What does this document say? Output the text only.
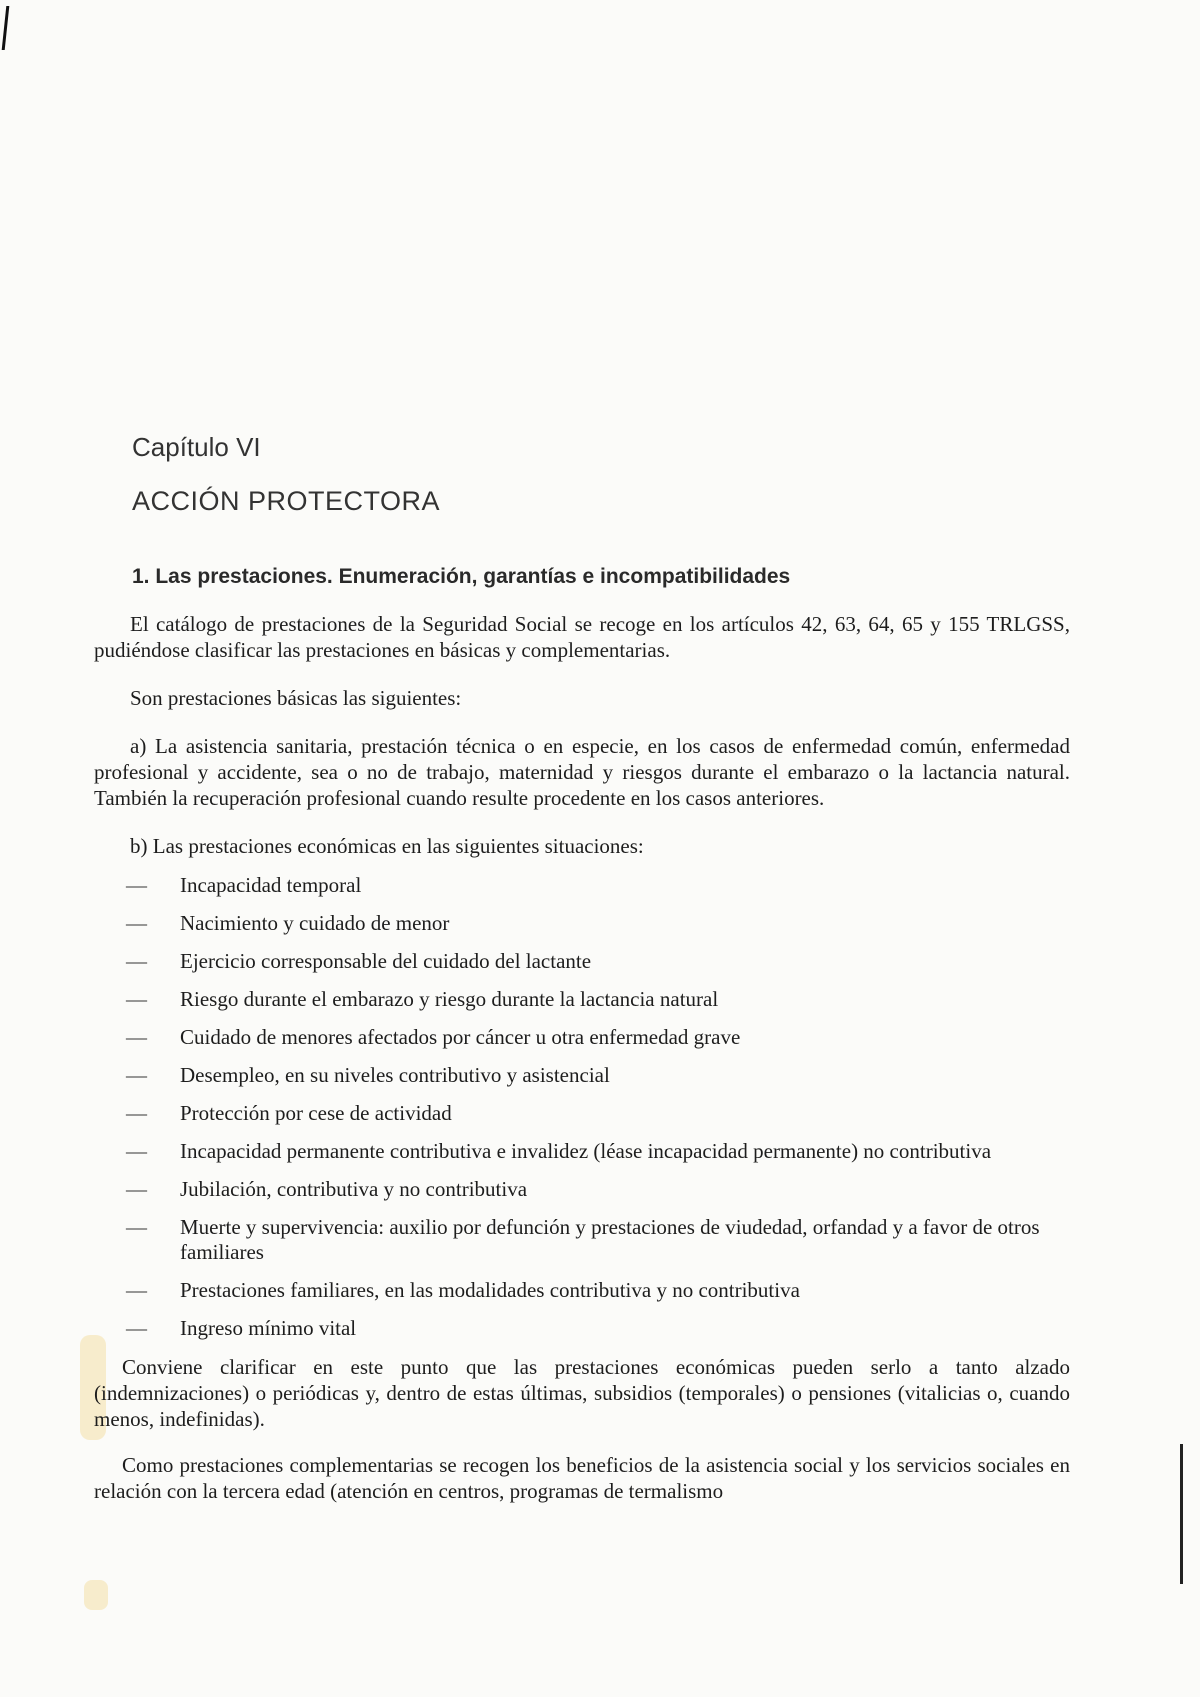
Capítulo VI
ACCIÓN PROTECTORA
1. Las prestaciones. Enumeración, garantías e incompatibilidades

El catálogo de prestaciones de la Seguridad Social se recoge en los artículos 42, 63, 64, 65 y 155 TRLGSS, pudiéndose clasificar las prestaciones en básicas y complementarias.

Son prestaciones básicas las siguientes:

a) La asistencia sanitaria, prestación técnica o en especie, en los casos de enfermedad común, enfermedad profesional y accidente, sea o no de trabajo, maternidad y riesgos durante el embarazo o la lactancia natural. También la recuperación profesional cuando resulte procedente en los casos anteriores.

b) Las prestaciones económicas en las siguientes situaciones:

— Incapacidad temporal
— Nacimiento y cuidado de menor
— Ejercicio corresponsable del cuidado del lactante
— Riesgo durante el embarazo y riesgo durante la lactancia natural
— Cuidado de menores afectados por cáncer u otra enfermedad grave
— Desempleo, en su niveles contributivo y asistencial
— Protección por cese de actividad
— Incapacidad permanente contributiva e invalidez (léase incapacidad permanente) no contributiva
— Jubilación, contributiva y no contributiva
— Muerte y supervivencia: auxilio por defunción y prestaciones de viudedad, orfandad y a favor de otros familiares
— Prestaciones familiares, en las modalidades contributiva y no contributiva
— Ingreso mínimo vital

Conviene clarificar en este punto que las prestaciones económicas pueden serlo a tanto alzado (indemnizaciones) o periódicas y, dentro de estas últimas, subsidios (temporales) o pensiones (vitalicias o, cuando menos, indefinidas).

Como prestaciones complementarias se recogen los beneficios de la asistencia social y los servicios sociales en relación con la tercera edad (atención en centros, programas de termalismo
